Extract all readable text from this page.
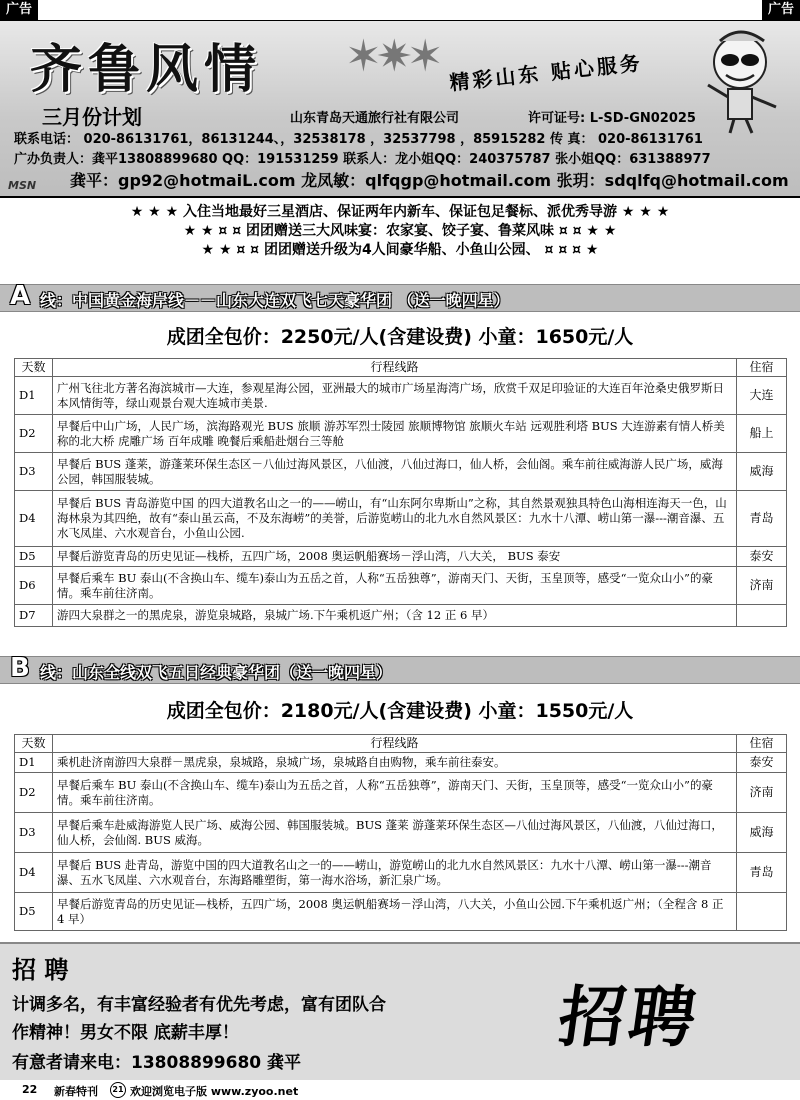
广告	广告
✶✷✶
齐鲁风情
三月份计划
精彩山东 贴心服务
山东青岛天通旅行社有限公司	许可证号: L-SD-GN02025
联系电话： 020-86131761，86131244、，32538178 ，32537798 ，85915282 传 真： 020-86131761
广办负责人：龚平13808899680 QQ：191531259 联系人：龙小姐QQ：240375787 张小姐QQ：631388977
MSN 龚平：gp92@hotmaiL.com 龙凤敏：qlfqgp@hotmail.com 张玥：sdqlfq@hotmail.com
★ ★ ★ 入住当地最好三星酒店、保证两年内新车、保证包足餐标、派优秀导游 ★ ★ ★
★ ★ ¤ ¤ 团团赠送三大风味宴：农家宴、饺子宴、鲁菜风味 ¤ ¤ ★ ★
★ ★ ¤ ¤ 团团赠送升级为4人间豪华船、小鱼山公园、 ¤ ¤ ¤ ★
A 线：中国黄金海岸线－－山东大连双飞七天豪华团 （送一晚四星）
成团全包价：2250元/人(含建设费) 小童：1650元/人
天数	行程线路	住宿
D1	广州飞往北方著名海滨城市—大连，参观星海公园，亚洲最大的城市广场星海湾广场，欣赏千双足印验证的大连百年沧桑史俄罗斯日本风情街等，绿山观景台观大连城市美景.	大连
D2	早餐后中山广场，人民广场，滨海路观光 BUS 旅顺 游苏军烈士陵园 旅顺博物馆 旅顺火车站 远观胜利塔 BUS 大连游素有情人桥美称的北大桥 虎雕广场 百年成雕 晚餐后乘船赴烟台三等舱	船上
D3	早餐后 BUS 蓬莱，游蓬莱环保生态区－八仙过海风景区，八仙渡，八仙过海口，仙人桥，会仙阁。乘车前往威海游人民广场，威海公园，韩国服装城。	威海
D4	早餐后 BUS 青岛游览中国 的四大道教名山之一的——崂山，有“山东阿尔卑斯山”之称，其自然景观独具特色山海相连海天一色，山海林泉为其四绝，故有“泰山虽云高，不及东海崂”的美誉，后游览崂山的北九水自然风景区：九水十八潭、崂山第一瀑---潮音瀑、五水飞凤崖、六水观音台，小鱼山公园.	青岛
D5	早餐后游览青岛的历史见证—栈桥，五四广场，2008 奥运帆船赛场－浮山湾，八大关， BUS 泰安	泰安
D6	早餐后乘车 BU 泰山(不含换山车、缆车)泰山为五岳之首，人称“五岳独尊”，游南天门、天街，玉皇顶等，感受“一览众山小”的豪情。乘车前往济南。	济南
D7	游四大泉群之一的黑虎泉，游览泉城路，泉城广场.下午乘机返广州；（含 12 正 6 早）	
B 线：山东全线双飞五日经典豪华团（送一晚四星）
成团全包价：2180元/人(含建设费) 小童：1550元/人
天数	行程线路	住宿
D1	乘机赴济南游四大泉群－黑虎泉，泉城路，泉城广场，泉城路自由购物，乘车前往泰安。	泰安
D2	早餐后乘车 BU 泰山(不含换山车、缆车)泰山为五岳之首，人称“五岳独尊”，游南天门、天街，玉皇顶等，感受“一览众山小”的豪情。乘车前往济南。	济南
D3	早餐后乘车赴威海游览人民广场、威海公园、韩国服装城。BUS 蓬莱 游蓬莱环保生态区—八仙过海风景区，八仙渡，八仙过海口，仙人桥，会仙阁. BUS 威海。	威海
D4	早餐后 BUS 赴青岛，游览中国的四大道教名山之一的——崂山，游览崂山的北九水自然风景区：九水十八潭、崂山第一瀑---潮音瀑、五水飞凤崖、六水观音台，东海路雕塑街，第一海水浴场，新汇泉广场。	青岛
D5	早餐后游览青岛的历史见证—栈桥，五四广场，2008 奥运帆船赛场－浮山湾，八大关，小鱼山公园.下午乘机返广州；（全程含 8 正 4 早）	
招 聘
计调多名，有丰富经验者有优先考虑，富有团队合
作精神！男女不限 底薪丰厚！
有意者请来电：13808899680 龚平
招聘
22 新春特刊	21 欢迎浏览电子版 www.zyoo.net
